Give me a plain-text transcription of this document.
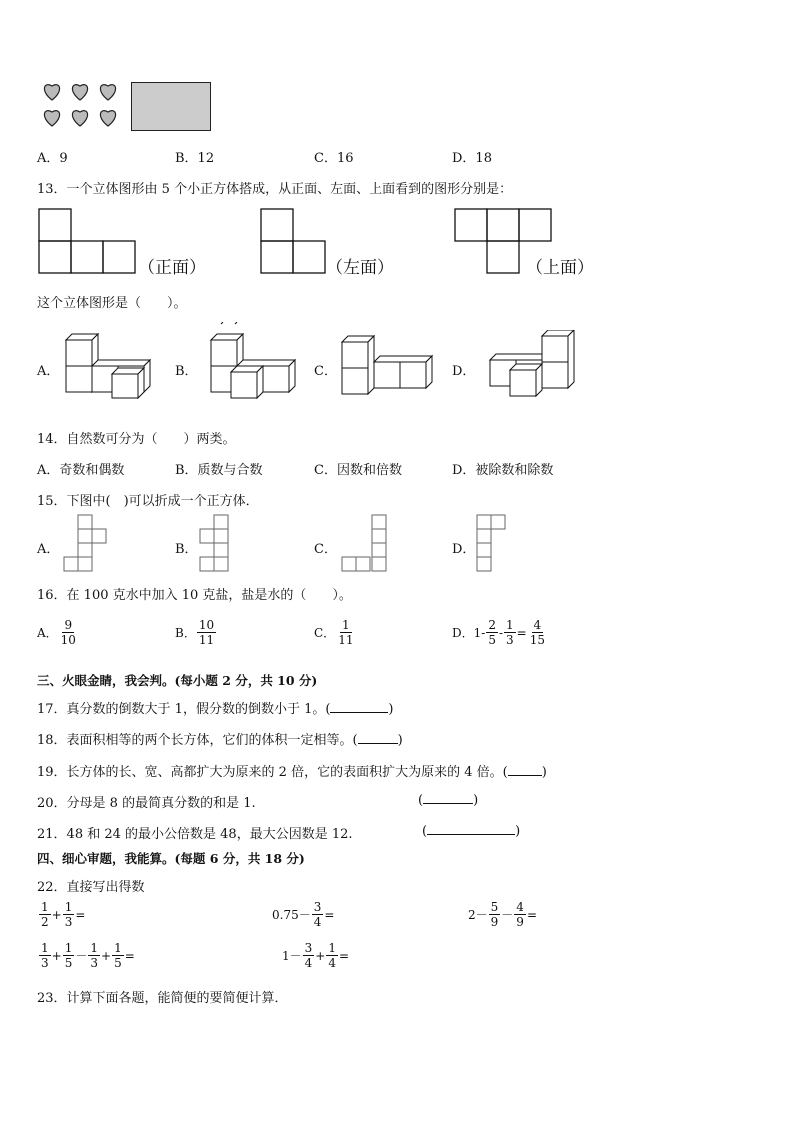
A．9	B．12	C．16	D．18
13．一个立体图形由 5 个小正方体搭成，从正面、左面、上面看到的图形分别是：
（正面）	（左面）	（上面）
这个立体图形是（　　）。
A．	B．	C．	D．
14．自然数可分为（　　）两类。
A．奇数和偶数	B．质数与合数	C．因数和倍数	D．被除数和除数
15．下图中(　)可以折成一个正方体．
A．	B．	C．	D．
16．在 100 克水中加入 10 克盐，盐是水的（　　）。
A． $\frac{9}{10}$	B． $\frac{10}{11}$	C． $\frac{1}{11}$	D． $1- \frac{2}{5} - \frac{1}{3} = \frac{4}{15}$
三、火眼金睛，我会判。(每小题 2 分，共 10 分)
17．真分数的倒数大于 1，假分数的倒数小于 1。(	)
18．表面积相等的两个长方体，它们的体积一定相等。(	)
19．长方体的长、宽、高都扩大为原来的 2 倍，它的表面积扩大为原来的 4 倍。(	)
20．分母是 8 的最简真分数的和是 1.	(	)
21．48 和 24 的最小公倍数是 48，最大公因数是 12.	(	)
四、细心审题，我能算。(每题 6 分，共 18 分)
22．直接写出得数
$\frac{1}{2} + \frac{1}{3}$ =	$0.75- \frac{3}{4}$ =	$2- \frac{5}{9} - \frac{4}{9}$ =
$\frac{1}{3} + \frac{1}{5} - \frac{1}{3} + \frac{1}{5}$ =	$1- \frac{3}{4} + \frac{1}{4}$ =
23．计算下面各题，能简便的要简便计算．
